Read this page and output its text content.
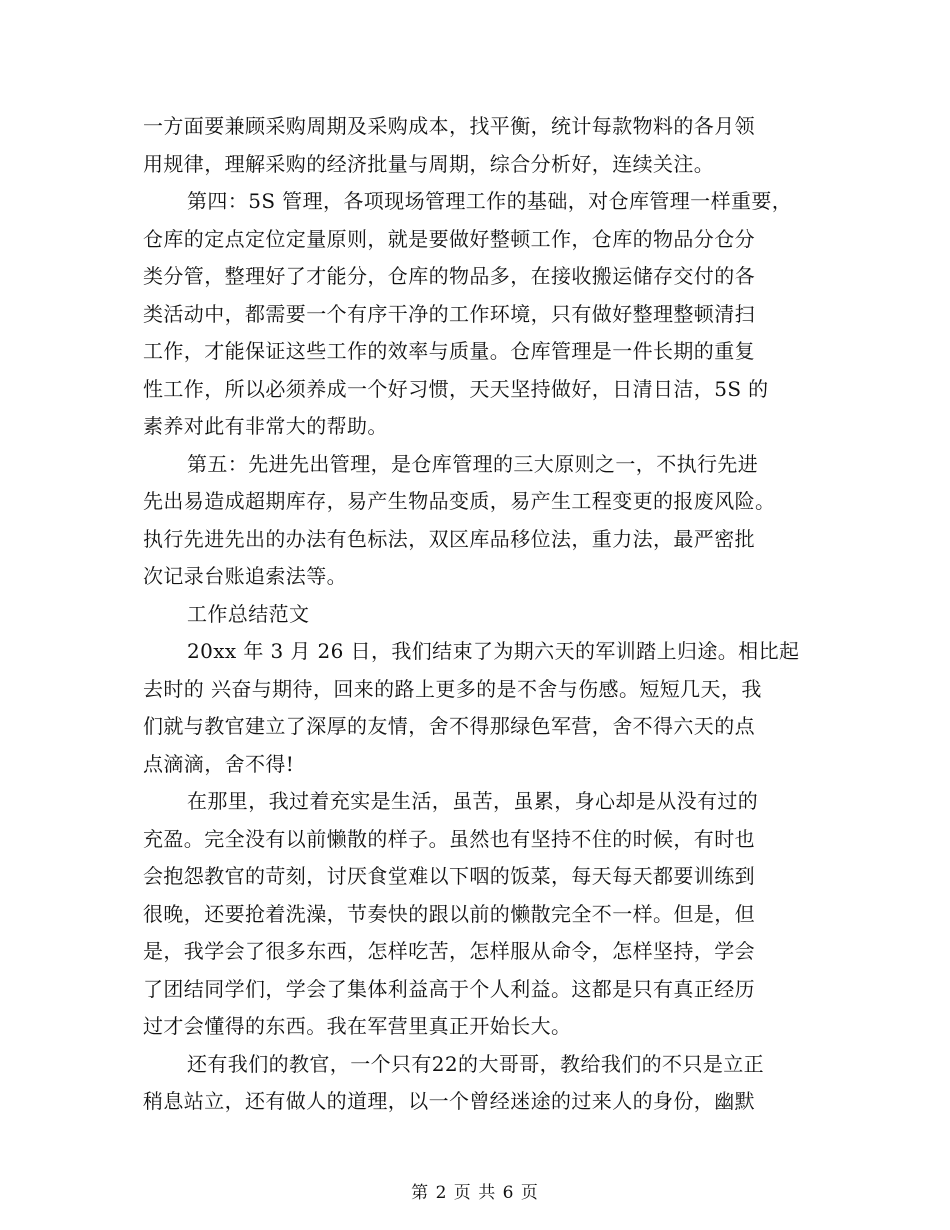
一方面要兼顾采购周期及采购成本，找平衡，统计每款物料的各月领
用规律，理解采购的经济批量与周期，综合分析好，连续关注。
第四：5S 管理，各项现场管理工作的基础，对仓库管理一样重要，
仓库的定点定位定量原则，就是要做好整顿工作，仓库的物品分仓分
类分管，整理好了才能分，仓库的物品多，在接收搬运储存交付的各
类活动中，都需要一个有序干净的工作环境，只有做好整理整顿清扫
工作，才能保证这些工作的效率与质量。仓库管理是一件长期的重复
性工作，所以必须养成一个好习惯，天天坚持做好，日清日洁，5S 的
素养对此有非常大的帮助。
第五：先进先出管理，是仓库管理的三大原则之一，不执行先进
先出易造成超期库存，易产生物品变质，易产生工程变更的报废风险。
执行先进先出的办法有色标法，双区库品移位法，重力法，最严密批
次记录台账追索法等。
工作总结范文
20xx 年 3 月 26 日，我们结束了为期六天的军训踏上归途。相比起
去时的 兴奋与期待，回来的路上更多的是不舍与伤感。短短几天，我
们就与教官建立了深厚的友情，舍不得那绿色军营，舍不得六天的点
点滴滴，舍不得!
在那里，我过着充实是生活，虽苦，虽累，身心却是从没有过的
充盈。完全没有以前懒散的样子。虽然也有坚持不住的时候，有时也
会抱怨教官的苛刻，讨厌食堂难以下咽的饭菜，每天每天都要训练到
很晚，还要抢着洗澡，节奏快的跟以前的懒散完全不一样。但是，但
是，我学会了很多东西，怎样吃苦，怎样服从命令，怎样坚持，学会
了团结同学们，学会了集体利益高于个人利益。这都是只有真正经历
过才会懂得的东西。我在军营里真正开始长大。
还有我们的教官，一个只有22的大哥哥，教给我们的不只是立正
稍息站立，还有做人的道理，以一个曾经迷途的过来人的身份，幽默
第 2 页 共 6 页
